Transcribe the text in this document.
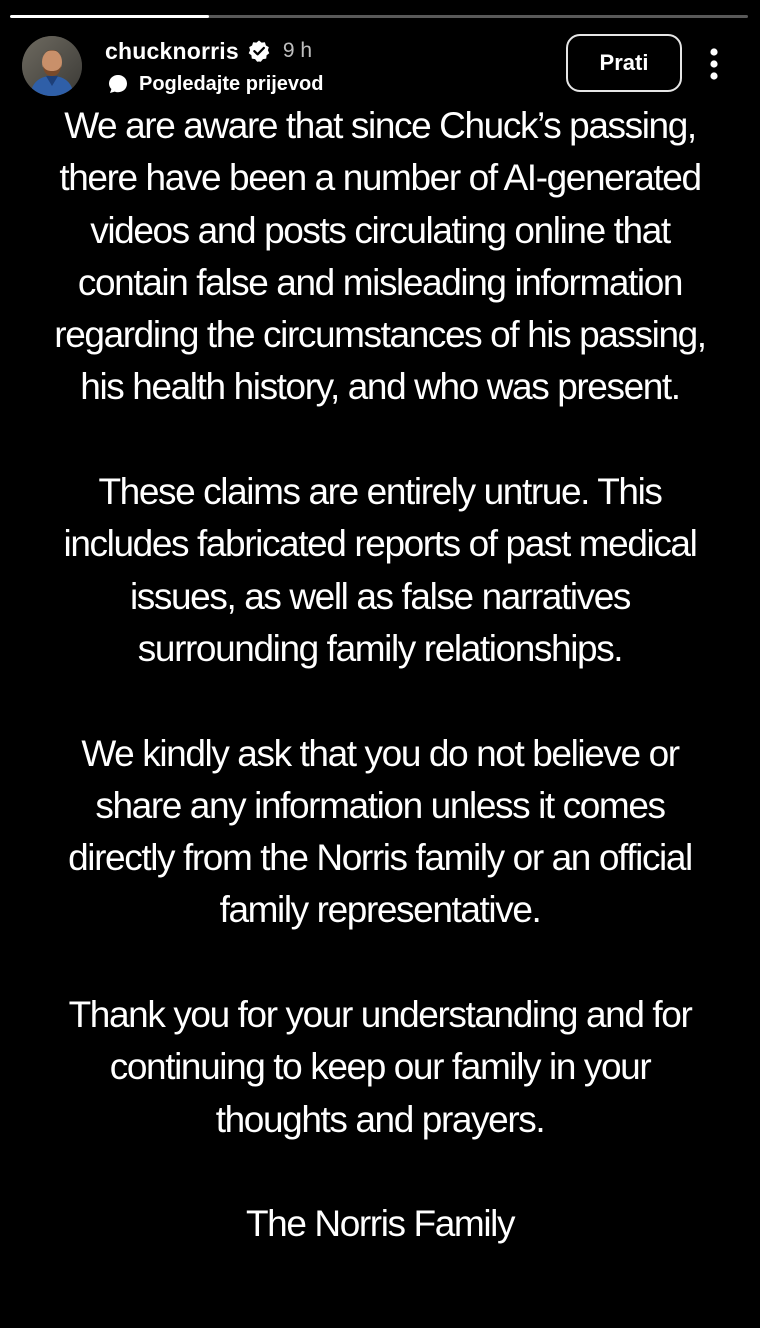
chucknorris 9 h
Pogledajte prijevod
Prati
We are aware that since Chuck’s passing,
there have been a number of AI-generated
videos and posts circulating online that
contain false and misleading information
regarding the circumstances of his passing,
his health history, and who was present.
These claims are entirely untrue. This
includes fabricated reports of past medical
issues, as well as false narratives
surrounding family relationships.
We kindly ask that you do not believe or
share any information unless it comes
directly from the Norris family or an official
family representative.
Thank you for your understanding and for
continuing to keep our family in your
thoughts and prayers.
The Norris Family
